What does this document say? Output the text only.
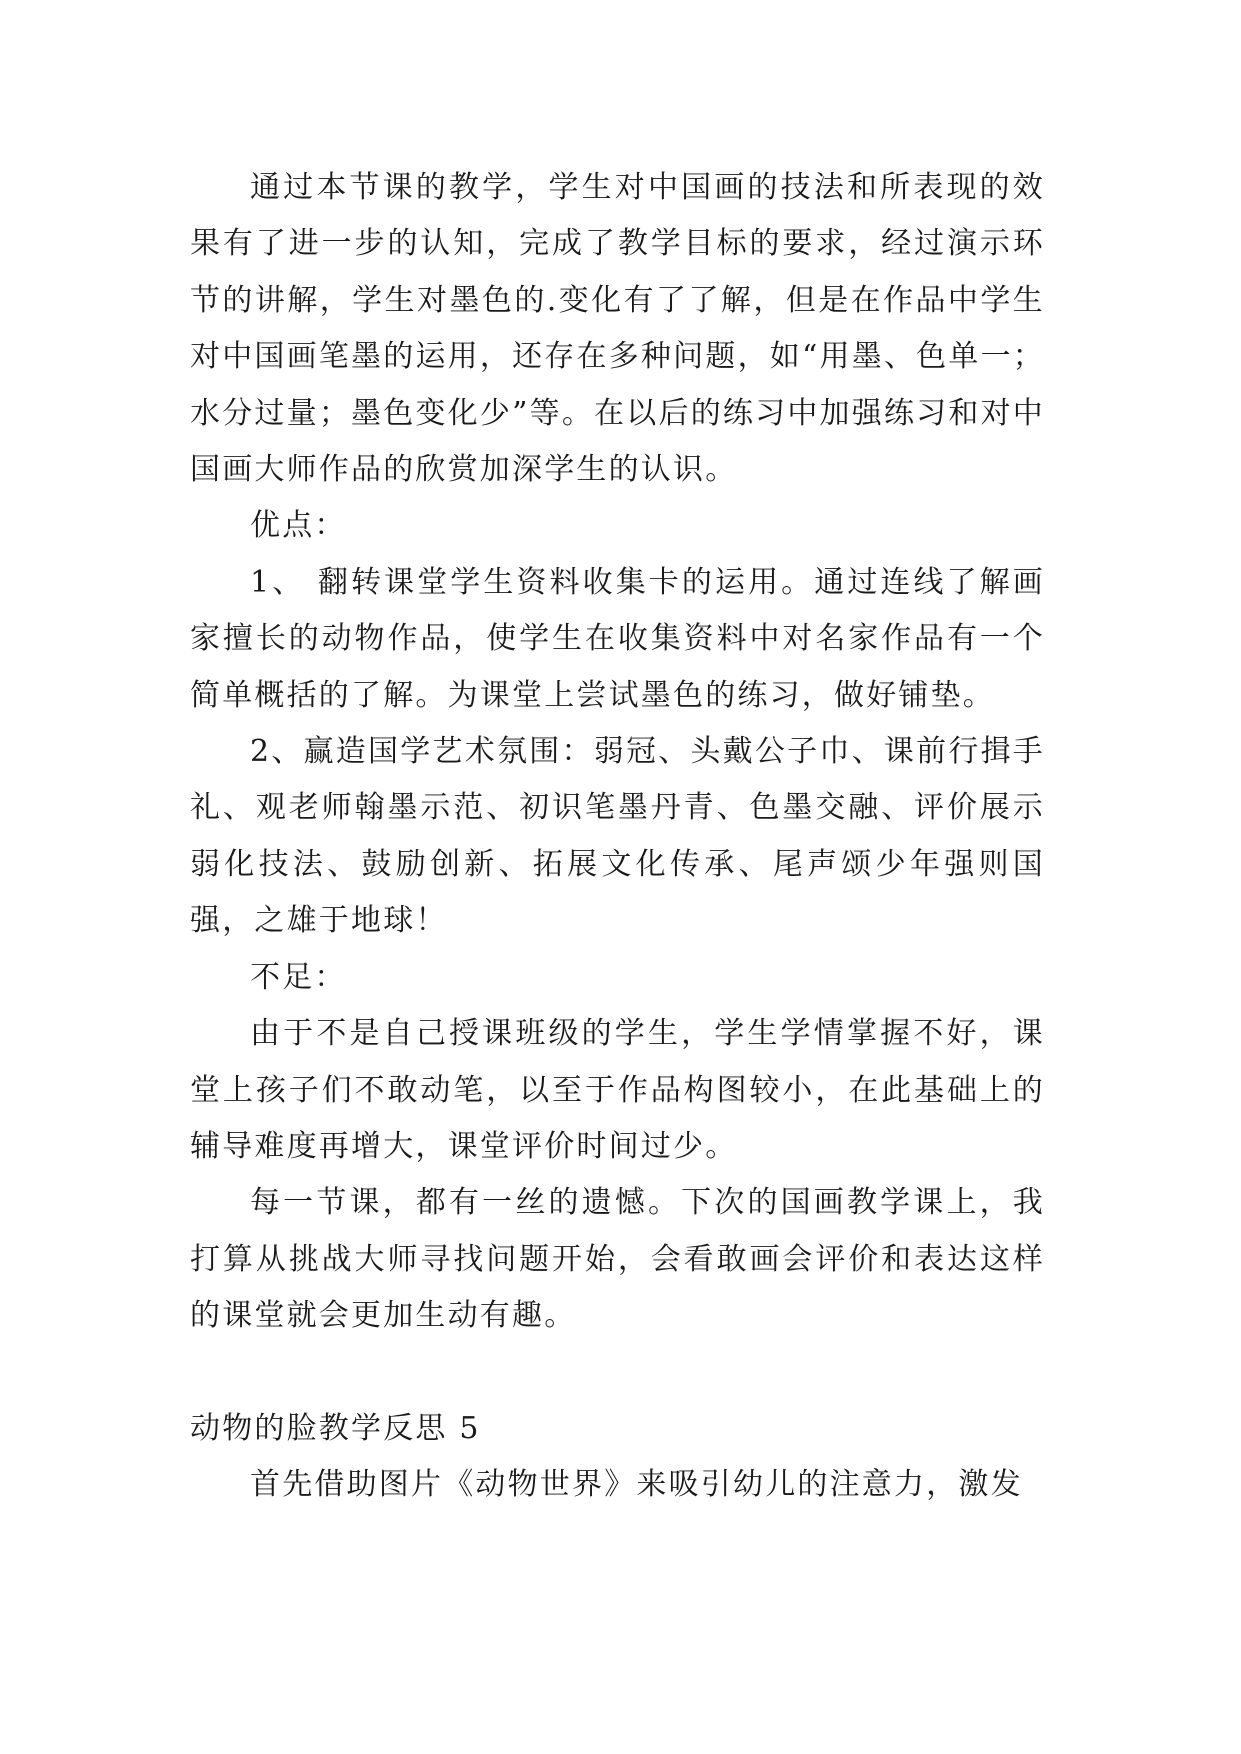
通过本节课的教学，学生对中国画的技法和所表现的效果有了进一步的认知，完成了教学目标的要求，经过演示环节的讲解，学生对墨色的.变化有了了解，但是在作品中学生对中国画笔墨的运用，还存在多种问题，如“用墨、色单一；水分过量；墨色变化少”等。在以后的练习中加强练习和对中国画大师作品的欣赏加深学生的认识。

优点：

1、 翻转课堂学生资料收集卡的运用。通过连线了解画家擅长的动物作品，使学生在收集资料中对名家作品有一个简单概括的了解。为课堂上尝试墨色的练习，做好铺垫。

2、赢造国学艺术氛围：弱冠、头戴公子巾、课前行揖手礼、观老师翰墨示范、初识笔墨丹青、色墨交融、评价展示弱化技法、鼓励创新、拓展文化传承、尾声颂少年强则国强，之雄于地球！

不足：

由于不是自己授课班级的学生，学生学情掌握不好，课堂上孩子们不敢动笔，以至于作品构图较小，在此基础上的辅导难度再增大，课堂评价时间过少。

每一节课，都有一丝的遗憾。下次的国画教学课上，我打算从挑战大师寻找问题开始，会看敢画会评价和表达这样的课堂就会更加生动有趣。

动物的脸教学反思 5

首先借助图片《动物世界》来吸引幼儿的注意力，激发
